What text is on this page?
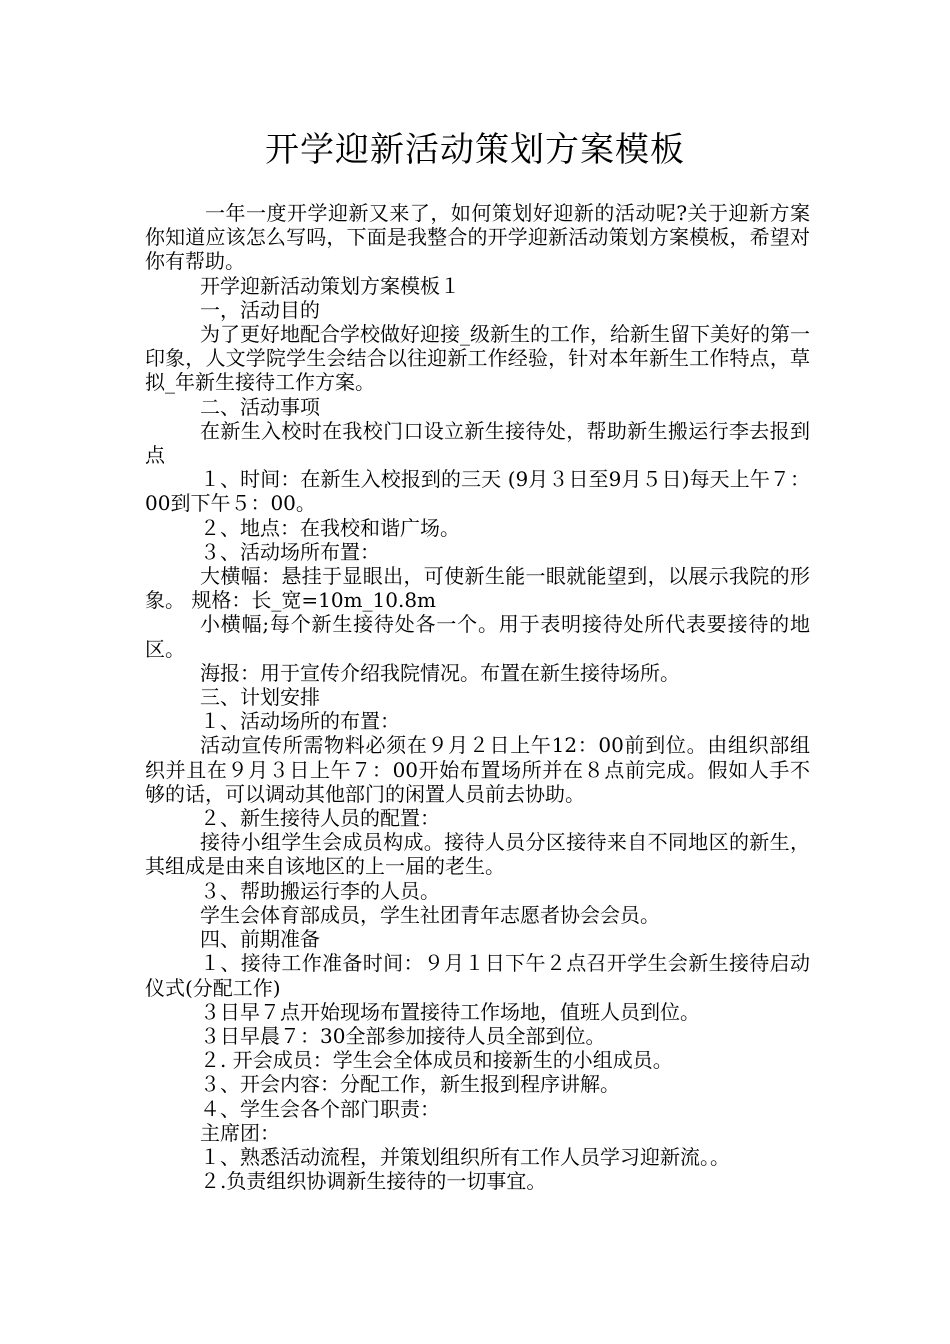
开学迎新活动策划方案模板

一年一度开学迎新又来了，如何策划好迎新的活动呢?关于迎新方案你知道应该怎么写吗，下面是我整合的开学迎新活动策划方案模板，希望对你有帮助。

开学迎新活动策划方案模板１

一，活动目的

为了更好地配合学校做好迎接_级新生的工作，给新生留下美好的第一印象，人文学院学生会结合以往迎新工作经验，针对本年新生工作特点，草拟_年新生接待工作方案。

二、活动事项

在新生入校时在我校门口设立新生接待处，帮助新生搬运行李去报到点

１、时间：在新生入校报到的三天 (9月３日至9月５日)每天上午７：00到下午５：00。

２、地点：在我校和谐广场。

３、活动场所布置：

大横幅：悬挂于显眼出，可使新生能一眼就能望到，以展示我院的形象。 规格：长_宽=10m_10.8m

小横幅;每个新生接待处各一个。用于表明接待处所代表要接待的地区。

海报：用于宣传介绍我院情况。布置在新生接待场所。

三、计划安排

１、活动场所的布置：

活动宣传所需物料必须在９月２日上午12：00前到位。由组织部组织并且在９月３日上午７：00开始布置场所并在８点前完成。假如人手不够的话，可以调动其他部门的闲置人员前去协助。

２、新生接待人员的配置：

接待小组学生会成员构成。接待人员分区接待来自不同地区的新生，其组成是由来自该地区的上一届的老生。

３、帮助搬运行李的人员。

学生会体育部成员，学生社团青年志愿者协会会员。

四、前期准备

１、接待工作准备时间：９月１日下午２点召开学生会新生接待启动仪式(分配工作)

３日早７点开始现场布置接待工作场地，值班人员到位。

３日早晨７：30全部参加接待人员全部到位。

２. 开会成员：学生会全体成员和接新生的小组成员。

３、开会内容：分配工作，新生报到程序讲解。

４、学生会各个部门职责：

主席团：

１、熟悉活动流程，并策划组织所有工作人员学习迎新流。。

２.负责组织协调新生接待的一切事宜。
